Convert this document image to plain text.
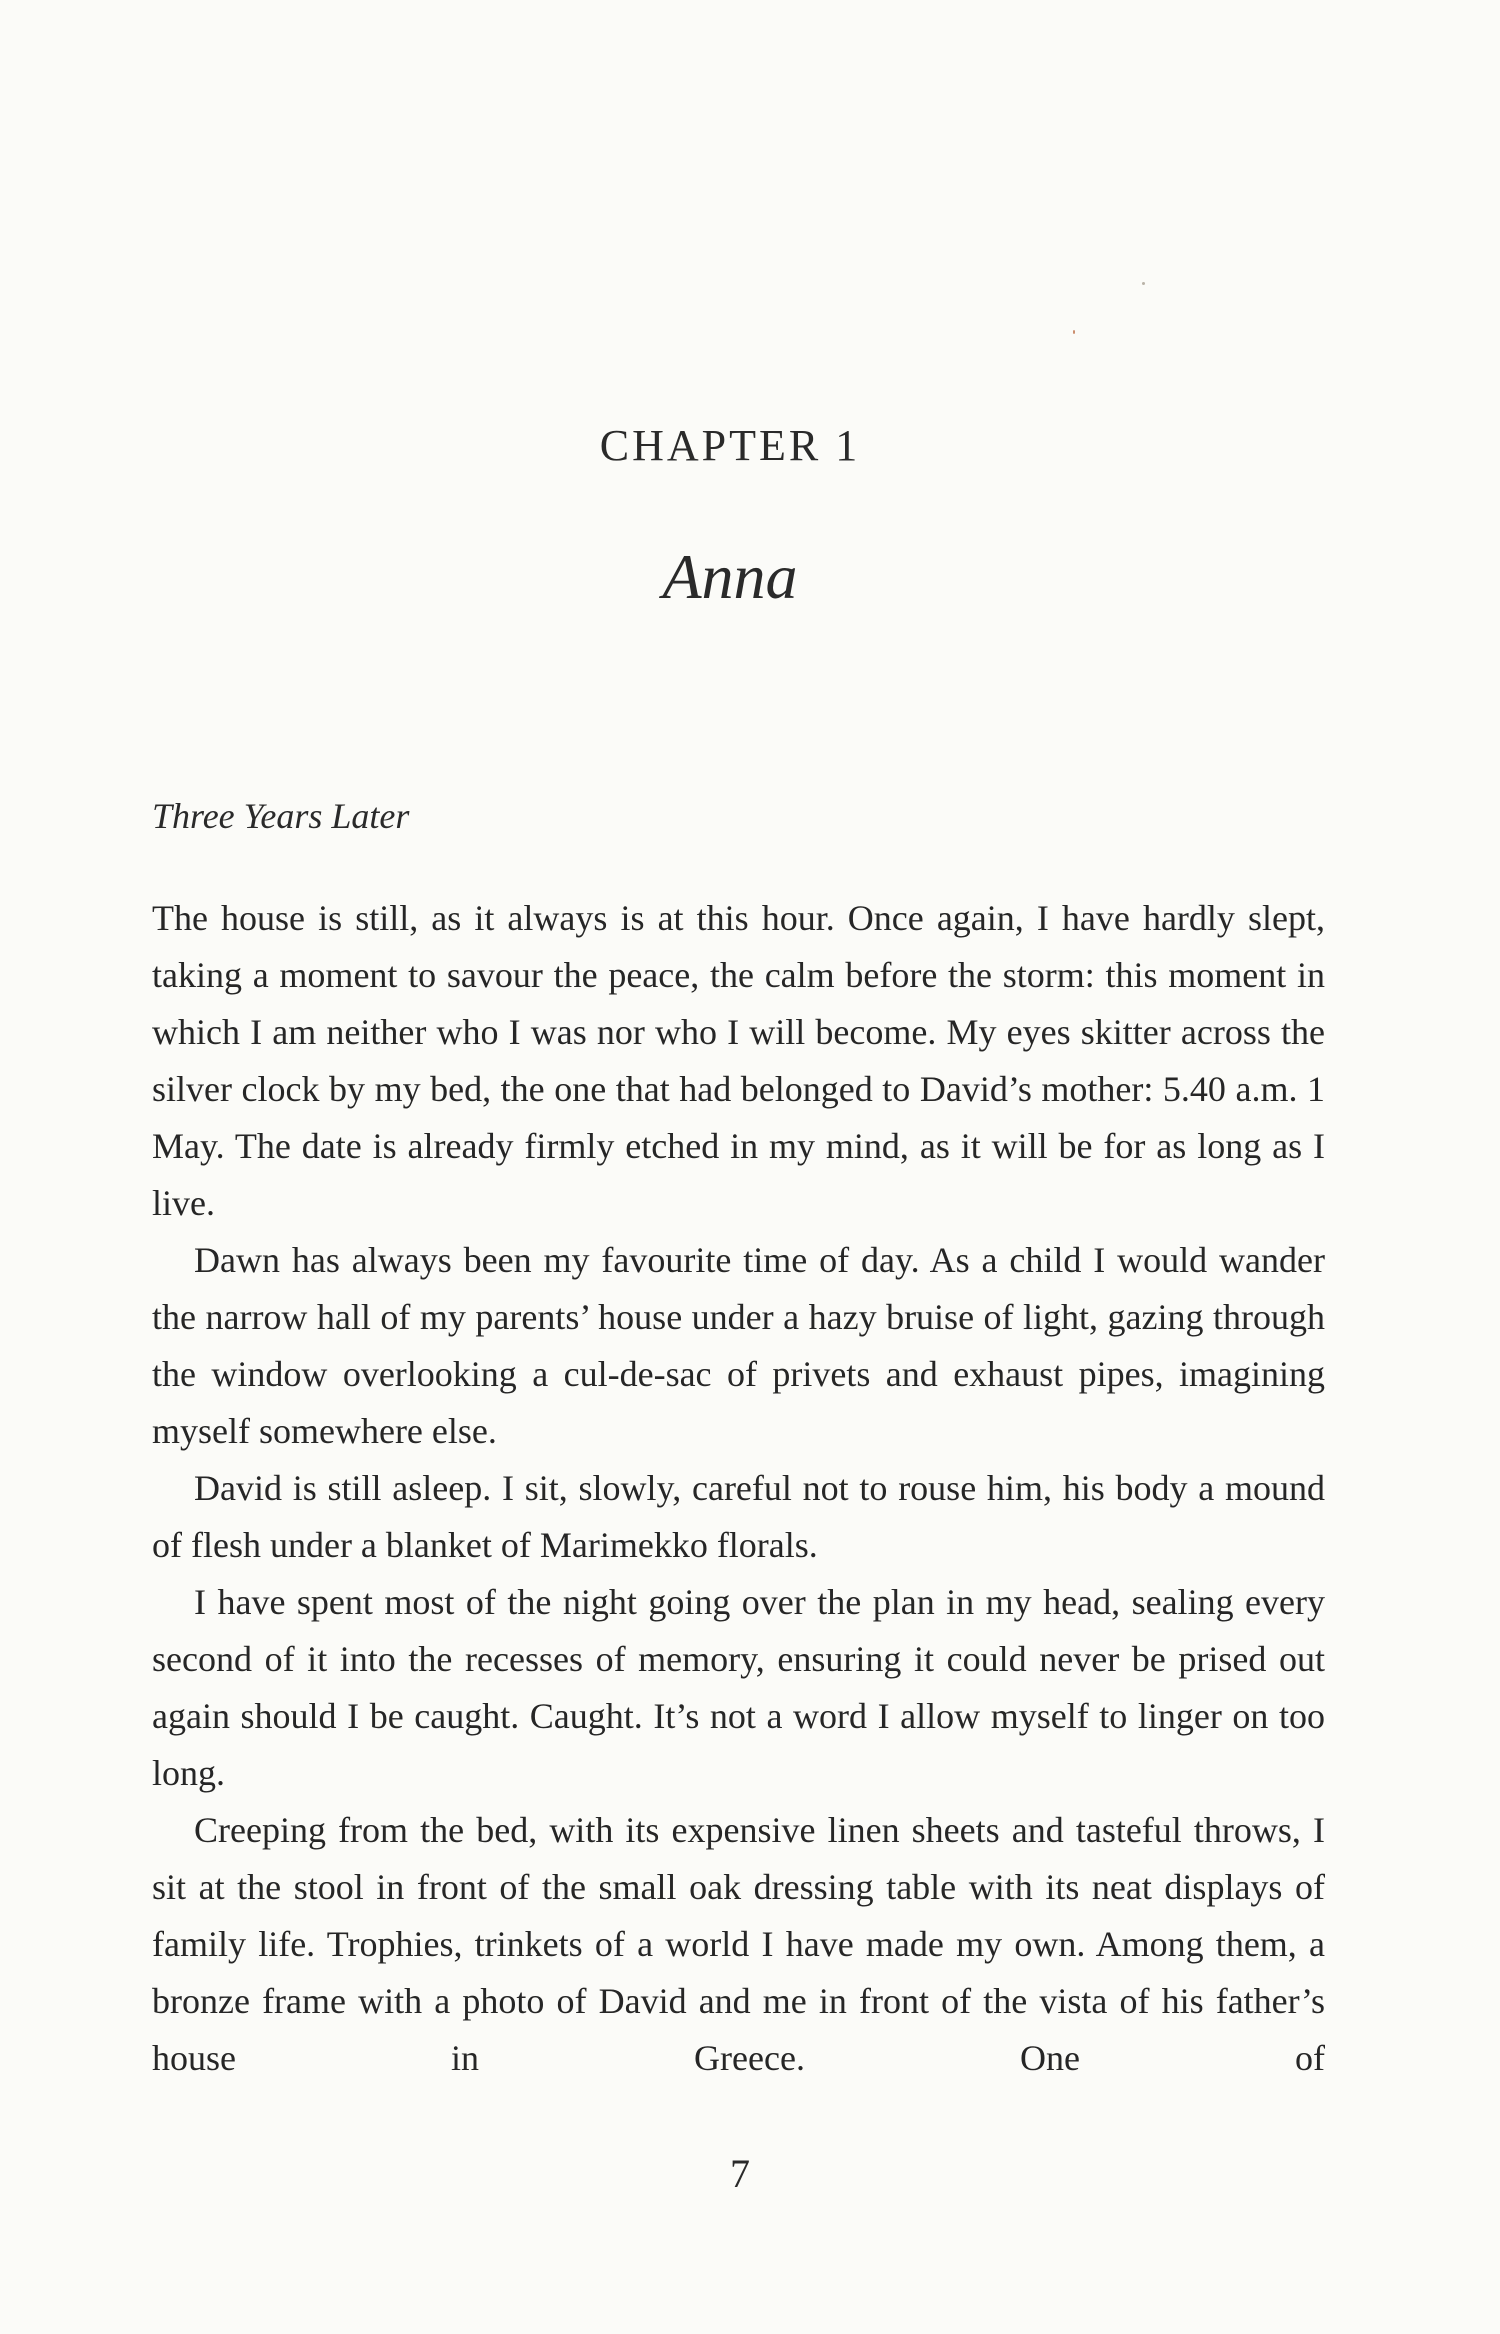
CHAPTER 1
Anna
Three Years Later

The house is still, as it always is at this hour. Once again, I have hardly slept, taking a moment to savour the peace, the calm before the storm: this moment in which I am neither who I was nor who I will become. My eyes skitter across the silver clock by my bed, the one that had belonged to David’s mother: 5.40 a.m. 1 May. The date is already firmly etched in my mind, as it will be for as long as I live.

Dawn has always been my favourite time of day. As a child I would wander the narrow hall of my parents’ house under a hazy bruise of light, gazing through the window overlooking a cul-de-sac of privets and exhaust pipes, imagining myself somewhere else.

David is still asleep. I sit, slowly, careful not to rouse him, his body a mound of flesh under a blanket of Marimekko florals.

I have spent most of the night going over the plan in my head, sealing every second of it into the recesses of memory, ensuring it could never be prised out again should I be caught. Caught. It’s not a word I allow myself to linger on too long.

Creeping from the bed, with its expensive linen sheets and tasteful throws, I sit at the stool in front of the small oak dressing table with its neat displays of family life. Trophies, trinkets of a world I have made my own. Among them, a bronze frame with a photo of David and me in front of the vista of his father’s house in Greece. One of

7
